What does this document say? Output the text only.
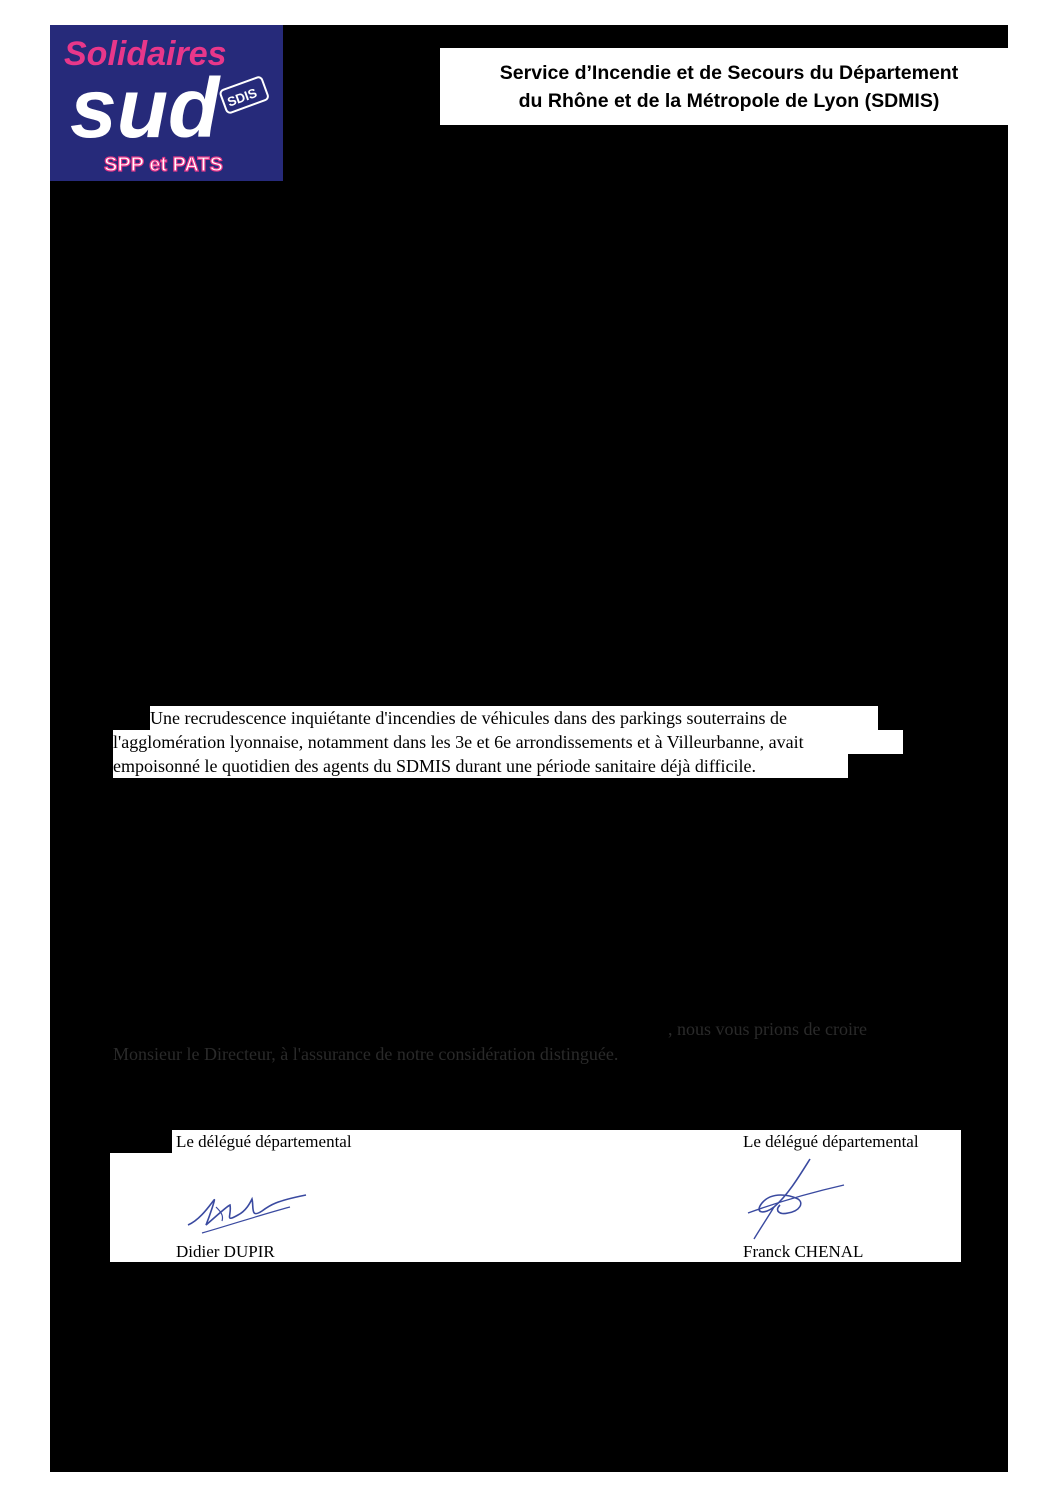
Solidaires
sud SDIS
SPP et PATS
Service d’Incendie et de Secours du Département
du Rhône et de la Métropole de Lyon (SDMIS)
Une recrudescence inquiétante d'incendies de véhicules dans des parkings souterrains de
l'agglomération lyonnaise, notamment dans les 3e et 6e arrondissements et à Villeurbanne, avait
empoisonné le quotidien des agents du SDMIS durant une période sanitaire déjà difficile.
, nous vous prions de croire
Monsieur le Directeur, à l'assurance de notre considération distinguée.
Le délégué départemental	Le délégué départemental
Didier DUPIR	Franck CHENAL
